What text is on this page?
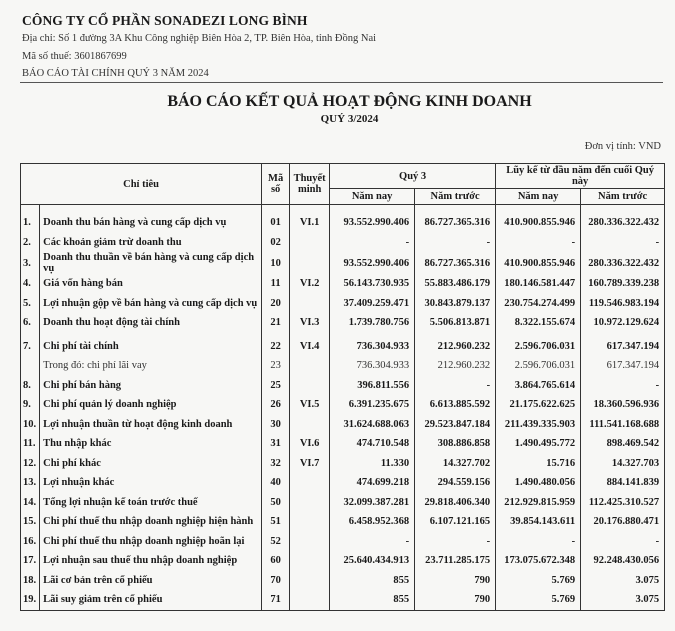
CÔNG TY CỔ PHẦN SONADEZI LONG BÌNH
Địa chỉ: Số 1 đường 3A Khu Công nghiệp Biên Hòa 2, TP. Biên Hòa, tỉnh Đồng Nai
Mã số thuế: 3601867699
BÁO CÁO TÀI CHÍNH QUÝ 3 NĂM 2024
BÁO CÁO KẾT QUẢ HOẠT ĐỘNG KINH DOANH
QUÝ 3/2024
Đơn vị tính: VND
Chỉ tiêu		Mã số	Thuyết minh	Quý 3		Lũy kế từ đầu năm đến cuối Quý này	
				Năm nay	Năm trước	Năm nay	Năm trước
1.	Doanh thu bán hàng và cung cấp dịch vụ	01	VI.1	93.552.990.406	86.727.365.316	410.900.855.946	280.336.322.432
2.	Các khoản giảm trừ doanh thu	02		-	-	-	-
3.	Doanh thu thuần về bán hàng và cung cấp dịch vụ	10		93.552.990.406	86.727.365.316	410.900.855.946	280.336.322.432
4.	Giá vốn hàng bán	11	VI.2	56.143.730.935	55.883.486.179	180.146.581.447	160.789.339.238
5.	Lợi nhuận gộp về bán hàng và cung cấp dịch vụ	20		37.409.259.471	30.843.879.137	230.754.274.499	119.546.983.194
6.	Doanh thu hoạt động tài chính	21	VI.3	1.739.780.756	5.506.813.871	8.322.155.674	10.972.129.624
7.	Chi phí tài chính	22	VI.4	736.304.933	212.960.232	2.596.706.031	617.347.194
	Trong đó: chi phí lãi vay	23		736.304.933	212.960.232	2.596.706.031	617.347.194
8.	Chi phí bán hàng	25		396.811.556	-	3.864.765.614	-
9.	Chi phí quản lý doanh nghiệp	26	VI.5	6.391.235.675	6.613.885.592	21.175.622.625	18.360.596.936
10.	Lợi nhuận thuần từ hoạt động kinh doanh	30		31.624.688.063	29.523.847.184	211.439.335.903	111.541.168.688
11.	Thu nhập khác	31	VI.6	474.710.548	308.886.858	1.490.495.772	898.469.542
12.	Chi phí khác	32	VI.7	11.330	14.327.702	15.716	14.327.703
13.	Lợi nhuận khác	40		474.699.218	294.559.156	1.490.480.056	884.141.839
14.	Tổng lợi nhuận kế toán trước thuế	50		32.099.387.281	29.818.406.340	212.929.815.959	112.425.310.527
15.	Chi phí thuế thu nhập doanh nghiệp hiện hành	51		6.458.952.368	6.107.121.165	39.854.143.611	20.176.880.471
16.	Chi phí thuế thu nhập doanh nghiệp hoãn lại	52		-	-	-	-
17.	Lợi nhuận sau thuế thu nhập doanh nghiệp	60		25.640.434.913	23.711.285.175	173.075.672.348	92.248.430.056
18.	Lãi cơ bản trên cổ phiếu	70		855	790	5.769	3.075
19.	Lãi suy giảm trên cổ phiếu	71		855	790	5.769	3.075
